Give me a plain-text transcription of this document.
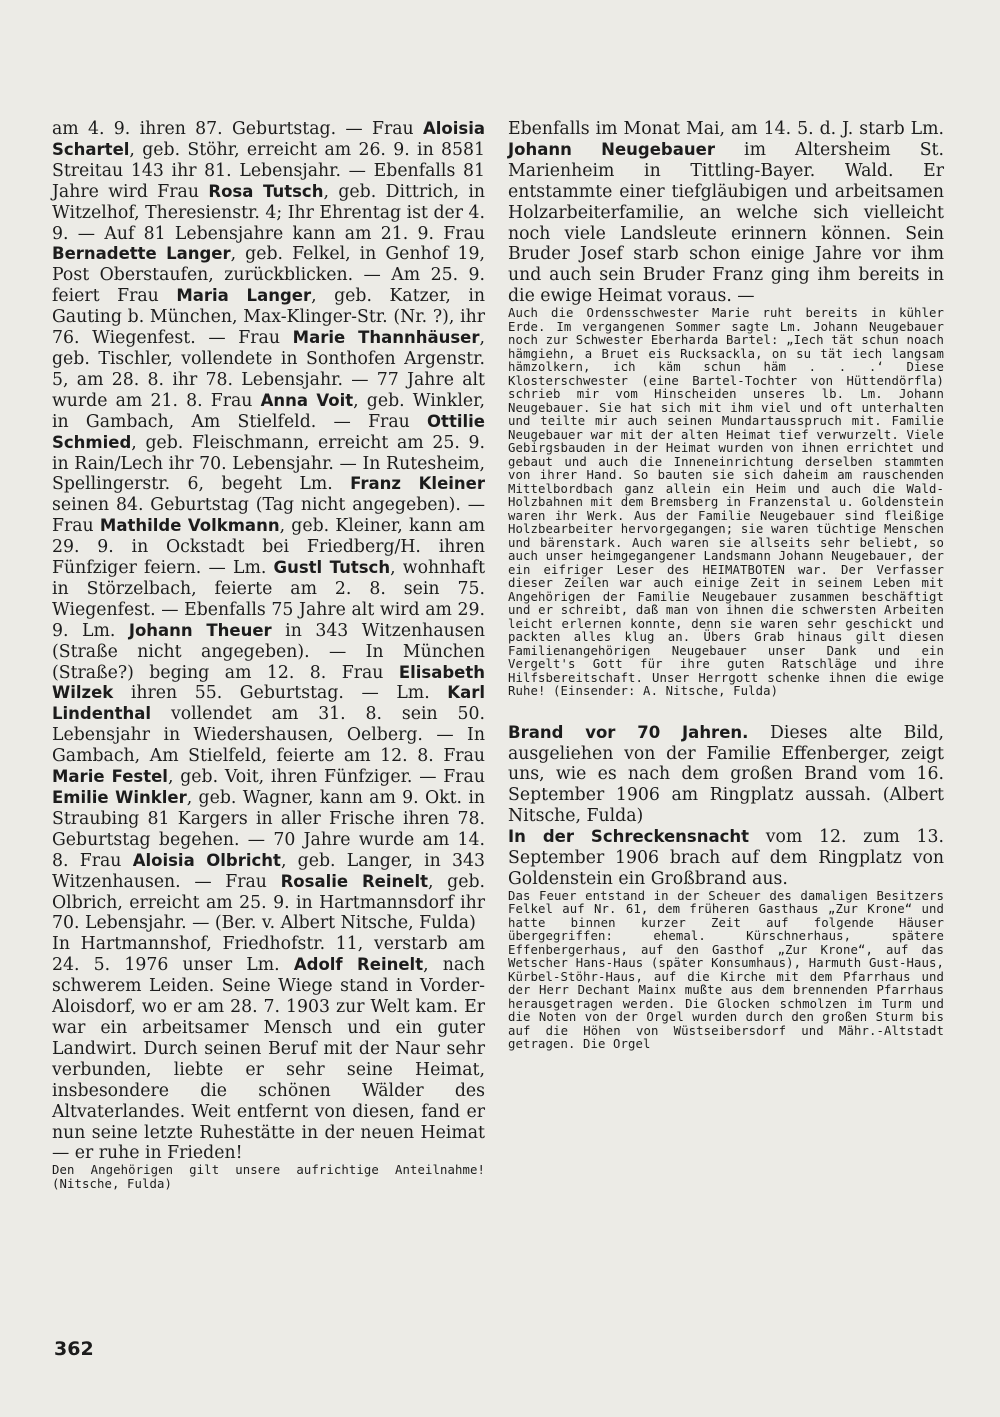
am 4. 9. ihren 87. Geburtstag. — Frau Aloisia Schartel, geb. Stöhr, erreicht am 26. 9. in 8581 Streitau 143 ihr 81. Lebensjahr. — Ebenfalls 81 Jahre wird Frau Rosa Tutsch, geb. Dittrich, in Witzelhof, Theresienstr. 4; Ihr Ehrentag ist der 4. 9. — Auf 81 Lebensjahre kann am 21. 9. Frau Bernadette Langer, geb. Felkel, in Genhof 19, Post Oberstaufen, zurückblicken. — Am 25. 9. feiert Frau Maria Langer, geb. Katzer, in Gauting b. München, Max-Klinger-Str. (Nr. ?), ihr 76. Wiegenfest. — Frau Marie Thannhäuser, geb. Tischler, vollendete in Sonthofen Argenstr. 5, am 28. 8. ihr 78. Lebensjahr. — 77 Jahre alt wurde am 21. 8. Frau Anna Voit, geb. Winkler, in Gambach, Am Stielfeld. — Frau Ottilie Schmied, geb. Fleischmann, erreicht am 25. 9. in Rain/Lech ihr 70. Lebensjahr. — In Rutesheim, Spellingerstr. 6, begeht Lm. Franz Kleiner seinen 84. Geburtstag (Tag nicht angegeben). — Frau Mathilde Volkmann, geb. Kleiner, kann am 29. 9. in Ockstadt bei Friedberg/H. ihren Fünfziger feiern. — Lm. Gustl Tutsch, wohnhaft in Störzelbach, feierte am 2. 8. sein 75. Wiegenfest. — Ebenfalls 75 Jahre alt wird am 29. 9. Lm. Johann Theuer in 343 Witzenhausen (Straße nicht angegeben). — In München (Straße?) beging am 12. 8. Frau Elisabeth Wilzek ihren 55. Geburtstag. — Lm. Karl Lindenthal vollendet am 31. 8. sein 50. Lebensjahr in Wiedershausen, Oelberg. — In Gambach, Am Stielfeld, feierte am 12. 8. Frau Marie Festel, geb. Voit, ihren Fünfziger. — Frau Emilie Winkler, geb. Wagner, kann am 9. Okt. in Straubing 81 Kargers in aller Frische ihren 78. Geburtstag begehen. — 70 Jahre wurde am 14. 8. Frau Aloisia Olbricht, geb. Langer, in 343 Witzenhausen. — Frau Rosalie Reinelt, geb. Olbrich, erreicht am 25. 9. in Hartmannsdorf ihr 70. Lebensjahr. — (Ber. v. Albert Nitsche, Fulda)

In Hartmannshof, Friedhofstr. 11, verstarb am 24. 5. 1976 unser Lm. Adolf Reinelt, nach schwerem Leiden. Seine Wiege stand in Vorder-Aloisdorf, wo er am 28. 7. 1903 zur Welt kam. Er war ein arbeitsamer Mensch und ein guter Landwirt. Durch seinen Beruf mit der Naur sehr verbunden, liebte er sehr seine Heimat, insbesondere die schönen Wälder des Altvaterlandes. Weit entfernt von diesen, fand er nun seine letzte Ruhestätte in der neuen Heimat — er ruhe in Frieden!

Den Angehörigen gilt unsere aufrichtige Anteilnahme! (Nitsche, Fulda)

Ebenfalls im Monat Mai, am 14. 5. d. J. starb Lm. Johann Neugebauer im Altersheim St. Marienheim in Tittling-Bayer. Wald. Er entstammte einer tiefgläubigen und arbeitsamen Holzarbeiterfamilie, an welche sich vielleicht noch viele Landsleute erinnern können. Sein Bruder Josef starb schon einige Jahre vor ihm und auch sein Bruder Franz ging ihm bereits in die ewige Heimat voraus. —

Auch die Ordensschwester Marie ruht bereits in kühler Erde. Im vergangenen Sommer sagte Lm. Johann Neugebauer noch zur Schwester Eberharda Bartel: „Iech tät schun noach hämgiehn, a Bruet eis Rucksackla, on su tät iech langsam hämzolkern, ich käm schun häm . . .‘ Diese Klosterschwester (eine Bartel-Tochter von Hüttendörfla) schrieb mir vom Hinscheiden unseres lb. Lm. Johann Neugebauer. Sie hat sich mit ihm viel und oft unterhalten und teilte mir auch seinen Mundartausspruch mit. Familie Neugebauer war mit der alten Heimat tief verwurzelt. Viele Gebirgsbauden in der Heimat wurden von ihnen errichtet und gebaut und auch die Inneneinrichtung derselben stammten von ihrer Hand. So bauten sie sich daheim am rauschenden Mittelbordbach ganz allein ein Heim und auch die Wald-Holzbahnen mit dem Bremsberg in Franzenstal u. Goldenstein waren ihr Werk. Aus der Familie Neugebauer sind fleißige Holzbearbeiter hervorgegangen; sie waren tüchtige Menschen und bärenstark. Auch waren sie allseits sehr beliebt, so auch unser heimgegangener Landsmann Johann Neugebauer, der ein eifriger Leser des HEIMATBOTEN war. Der Verfasser dieser Zeilen war auch einige Zeit in seinem Leben mit Angehörigen der Familie Neugebauer zusammen beschäftigt und er schreibt, daß man von ihnen die schwersten Arbeiten leicht erlernen konnte, denn sie waren sehr geschickt und packten alles klug an. Übers Grab hinaus gilt diesen Familienangehörigen Neugebauer unser Dank und ein Vergelt's Gott für ihre guten Ratschläge und ihre Hilfsbereitschaft. Unser Herrgott schenke ihnen die ewige Ruhe! (Einsender: A. Nitsche, Fulda)

Brand vor 70 Jahren. Dieses alte Bild, ausgeliehen von der Familie Effenberger, zeigt uns, wie es nach dem großen Brand vom 16. September 1906 am Ringplatz aussah. (Albert Nitsche, Fulda)

In der Schreckensnacht vom 12. zum 13. September 1906 brach auf dem Ringplatz von Goldenstein ein Großbrand aus.

Das Feuer entstand in der Scheuer des damaligen Besitzers Felkel auf Nr. 61, dem früheren Gasthaus „Zur Krone“ und hatte binnen kurzer Zeit auf folgende Häuser übergegriffen: ehemal. Kürschnerhaus, spätere Effenbergerhaus, auf den Gasthof „Zur Krone“, auf das Wetscher Hans-Haus (später Konsumhaus), Harmuth Gust-Haus, Kürbel-Stöhr-Haus, auf die Kirche mit dem Pfarrhaus und der Herr Dechant Mainx mußte aus dem brennenden Pfarrhaus herausgetragen werden. Die Glocken schmolzen im Turm und die Noten von der Orgel wurden durch den großen Sturm bis auf die Höhen von Wüstseibersdorf und Mähr.-Altstadt getragen. Die Orgel

362
